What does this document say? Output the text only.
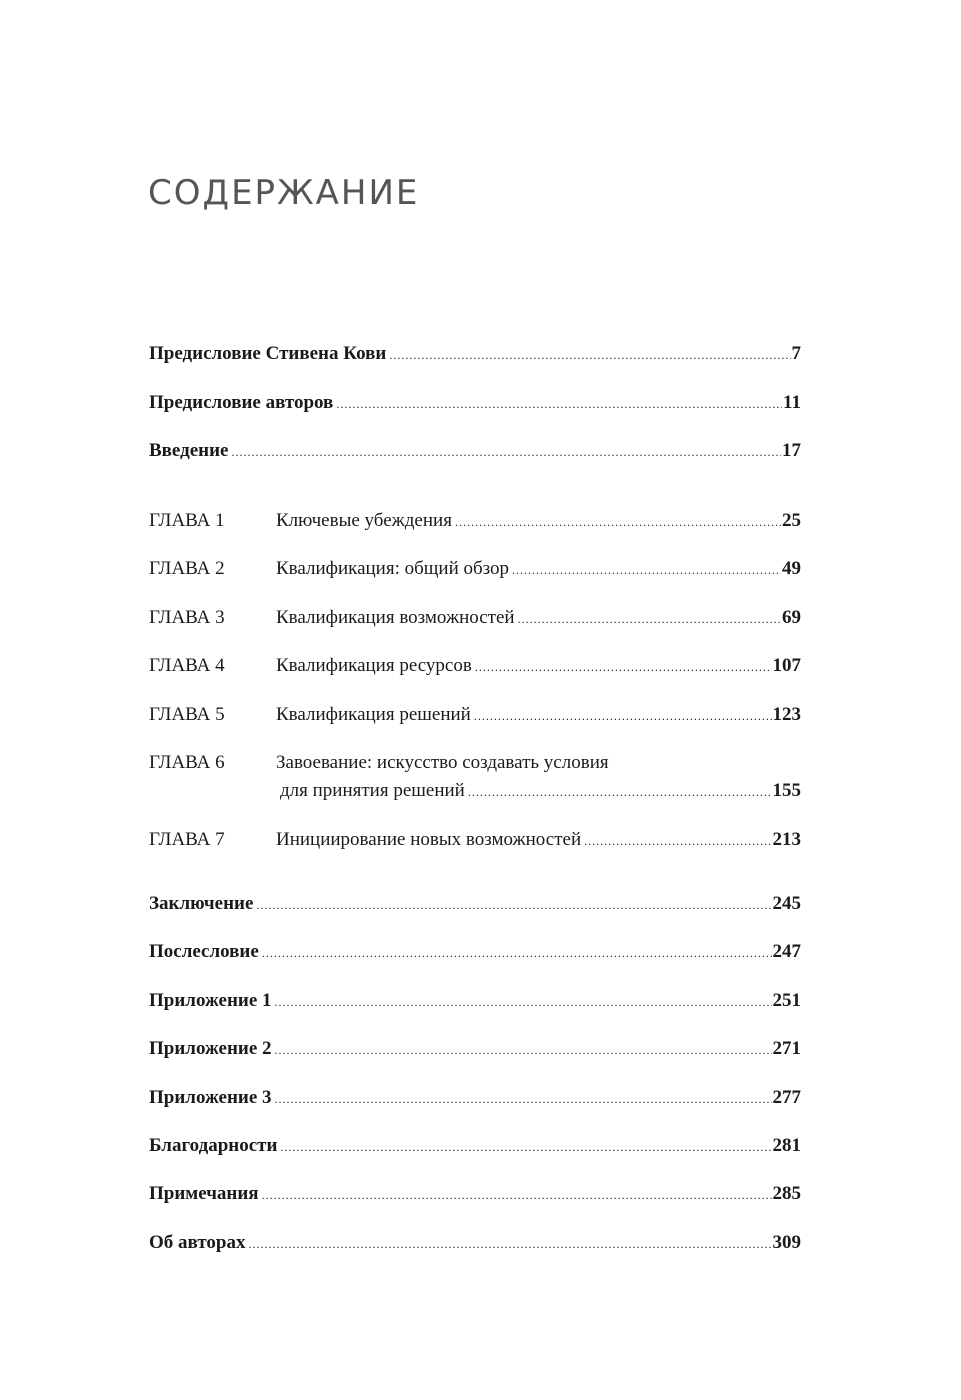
СОДЕРЖАНИЕ
Предисловие Стивена Кови .....	7
Предисловие авторов .....	11
Введение .....	17
ГЛАВА 1	Ключевые убеждения .....	25
ГЛАВА 2	Квалификация: общий обзор .....	49
ГЛАВА 3	Квалификация возможностей .....	69
ГЛАВА 4	Квалификация ресурсов .....	107
ГЛАВА 5	Квалификация решений .....	123
ГЛАВА 6	Завоевание: искусство создавать условия
для принятия решений .....	155
ГЛАВА 7	Инициирование новых возможностей .....	213
Заключение .....	245
Послесловие .....	247
Приложение 1 .....	251
Приложение 2 .....	271
Приложение 3 .....	277
Благодарности .....	281
Примечания .....	285
Об авторах .....	309
